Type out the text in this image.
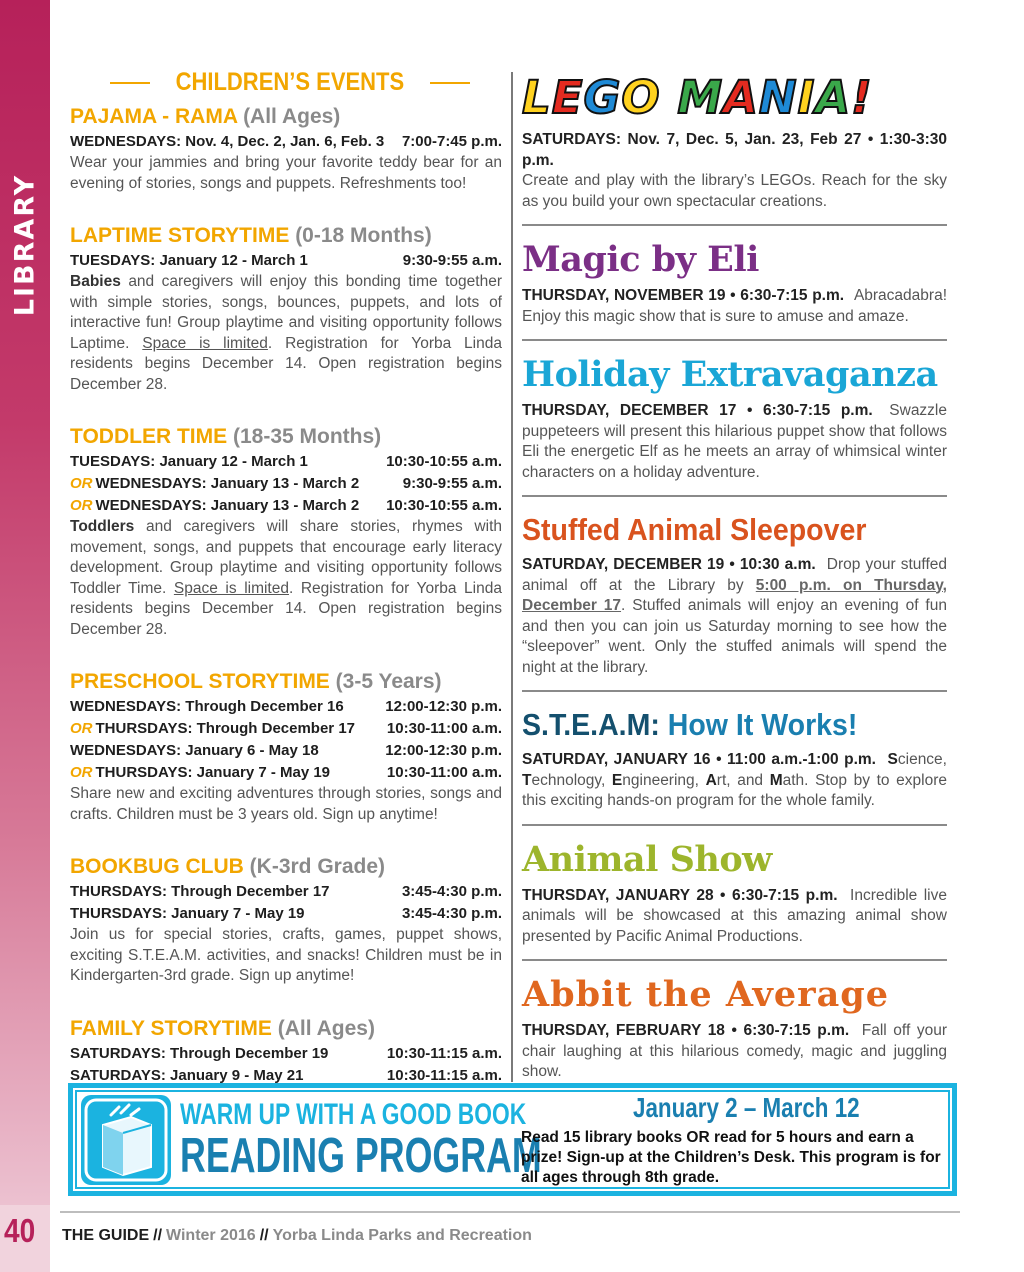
LIBRARY
40
CHILDREN’S EVENTS
PAJAMA - RAMA (All Ages)
WEDNESDAYS: Nov. 4, Dec. 2, Jan. 6, Feb. 3 7:00-7:45 p.m.
Wear your jammies and bring your favorite teddy bear for an evening of stories, songs and puppets. Refreshments too!
LAPTIME STORYTIME (0-18 Months)
TUESDAYS: January 12 - March 1	9:30-9:55 a.m.
Babies and caregivers will enjoy this bonding time together with simple stories, songs, bounces, puppets, and lots of interactive fun! Group playtime and visiting opportunity follows Laptime. Space is limited. Registration for Yorba Linda residents begins December 14. Open registration begins December 28.
TODDLER TIME (18-35 Months)
TUESDAYS: January 12 - March 1	10:30-10:55 a.m.
OR WEDNESDAYS: January 13 - March 2	9:30-9:55 a.m.
OR WEDNESDAYS: January 13 - March 2 10:30-10:55 a.m.
Toddlers and caregivers will share stories, rhymes with movement, songs, and puppets that encourage early literacy development. Group playtime and visiting opportunity follows Toddler Time. Space is limited. Registration for Yorba Linda residents begins December 14. Open registration begins December 28.
PRESCHOOL STORYTIME (3-5 Years)
WEDNESDAYS: Through December 16	12:00-12:30 p.m.
OR THURSDAYS: Through December 17 10:30-11:00 a.m.
WEDNESDAYS: January 6 - May 18	12:00-12:30 p.m.
OR THURSDAYS: January 7 - May 19	10:30-11:00 a.m.
Share new and exciting adventures through stories, songs and crafts. Children must be 3 years old. Sign up anytime!
BOOKBUG CLUB (K-3rd Grade)
THURSDAYS: Through December 17	3:45-4:30 p.m.
THURSDAYS: January 7 - May 19	3:45-4:30 p.m.
Join us for special stories, crafts, games, puppet shows, exciting S.T.E.A.M. activities, and snacks! Children must be in Kindergarten-3rd grade. Sign up anytime!
FAMILY STORYTIME (All Ages)
SATURDAYS: Through December 19	10:30-11:15 a.m.
SATURDAYS: January 9 - May 21	10:30-11:15 a.m.
LEGO MANIA!
SATURDAYS: Nov. 7, Dec. 5, Jan. 23, Feb 27 • 1:30-3:30 p.m.
Create and play with the library’s LEGOs. Reach for the sky as you build your own spectacular creations.
Magic by Eli
THURSDAY, NOVEMBER 19 • 6:30-7:15 p.m. Abracadabra! Enjoy this magic show that is sure to amuse and amaze.
Holiday Extravaganza
THURSDAY, DECEMBER 17 • 6:30-7:15 p.m. Swazzle puppeteers will present this hilarious puppet show that follows Eli the energetic Elf as he meets an array of whimsical winter characters on a holiday adventure.
Stuffed Animal Sleepover
SATURDAY, DECEMBER 19 • 10:30 a.m. Drop your stuffed animal off at the Library by 5:00 p.m. on Thursday, December 17. Stuffed animals will enjoy an evening of fun and then you can join us Saturday morning to see how the “sleepover” went. Only the stuffed animals will spend the night at the library.
S.T.E.A.M: How It Works!
SATURDAY, JANUARY 16 • 11:00 a.m.-1:00 p.m. Science, Technology, Engineering, Art, and Math. Stop by to explore this exciting hands-on program for the whole family.
Animal Show
THURSDAY, JANUARY 28 • 6:30-7:15 p.m. Incredible live animals will be showcased at this amazing animal show presented by Pacific Animal Productions.
Abbit the Average
THURSDAY, FEBRUARY 18 • 6:30-7:15 p.m. Fall off your chair laughing at this hilarious comedy, magic and juggling show.
WARM UP WITH A GOOD BOOK
READING PROGRAM
January 2 – March 12
Read 15 library books OR read for 5 hours and earn a prize! Sign-up at the Children’s Desk. This program is for all ages through 8th grade.
THE GUIDE // Winter 2016 // Yorba Linda Parks and Recreation
